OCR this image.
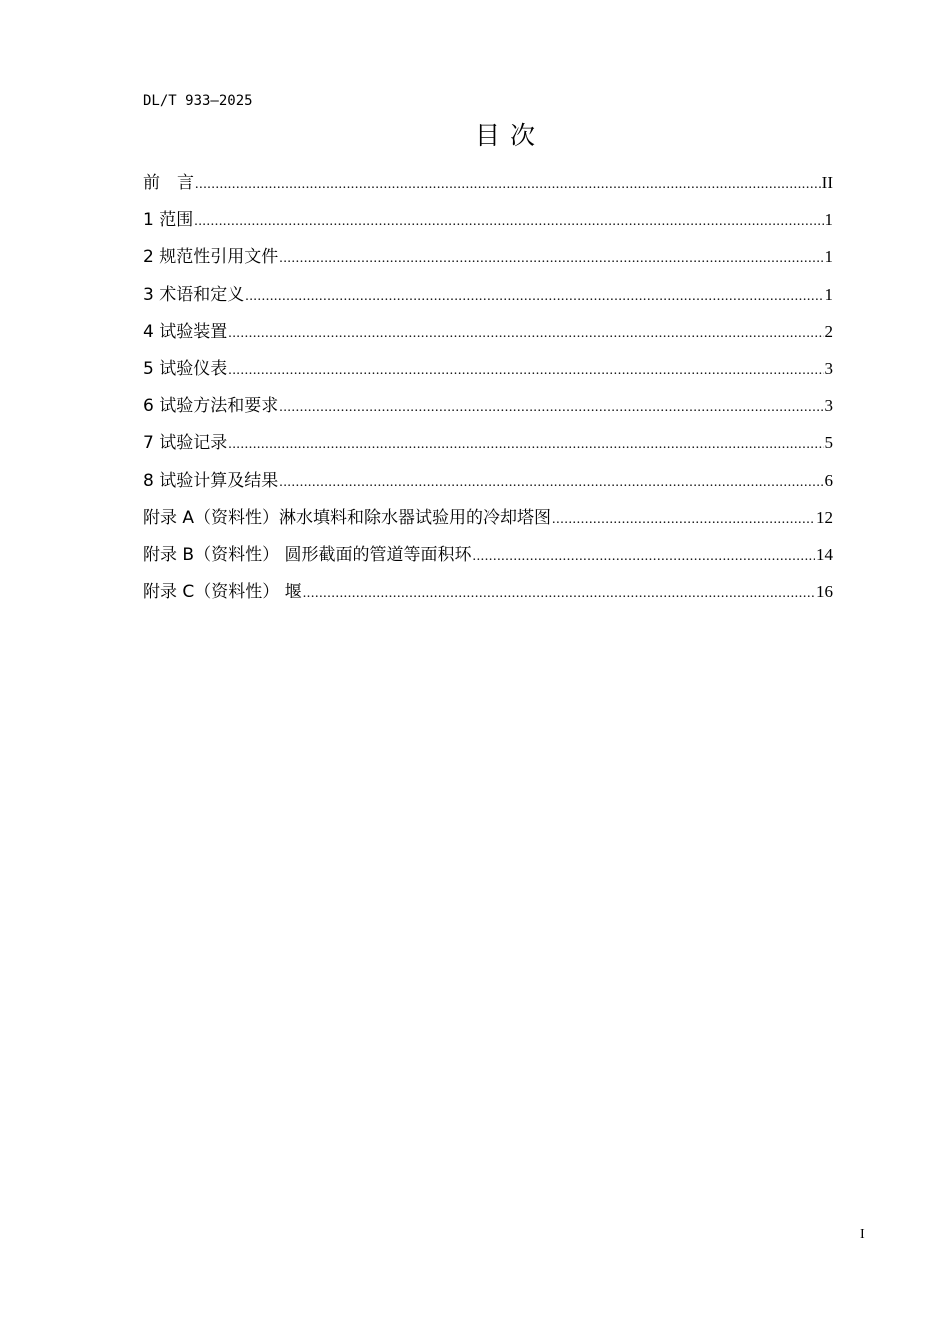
DL/T 933—2025
目次
前　言 .....	II
1 范围 .....	1
2 规范性引用文件 .....	1
3 术语和定义 .....	1
4 试验装置 .....	2
5 试验仪表 .....	3
6 试验方法和要求 .....	3
7 试验记录 .....	5
8 试验计算及结果 .....	6
附录 A（资料性）淋水填料和除水器试验用的冷却塔图 .....	12
附录 B（资料性） 圆形截面的管道等面积环 .....	14
附录 C（资料性） 堰 .....	16
I
